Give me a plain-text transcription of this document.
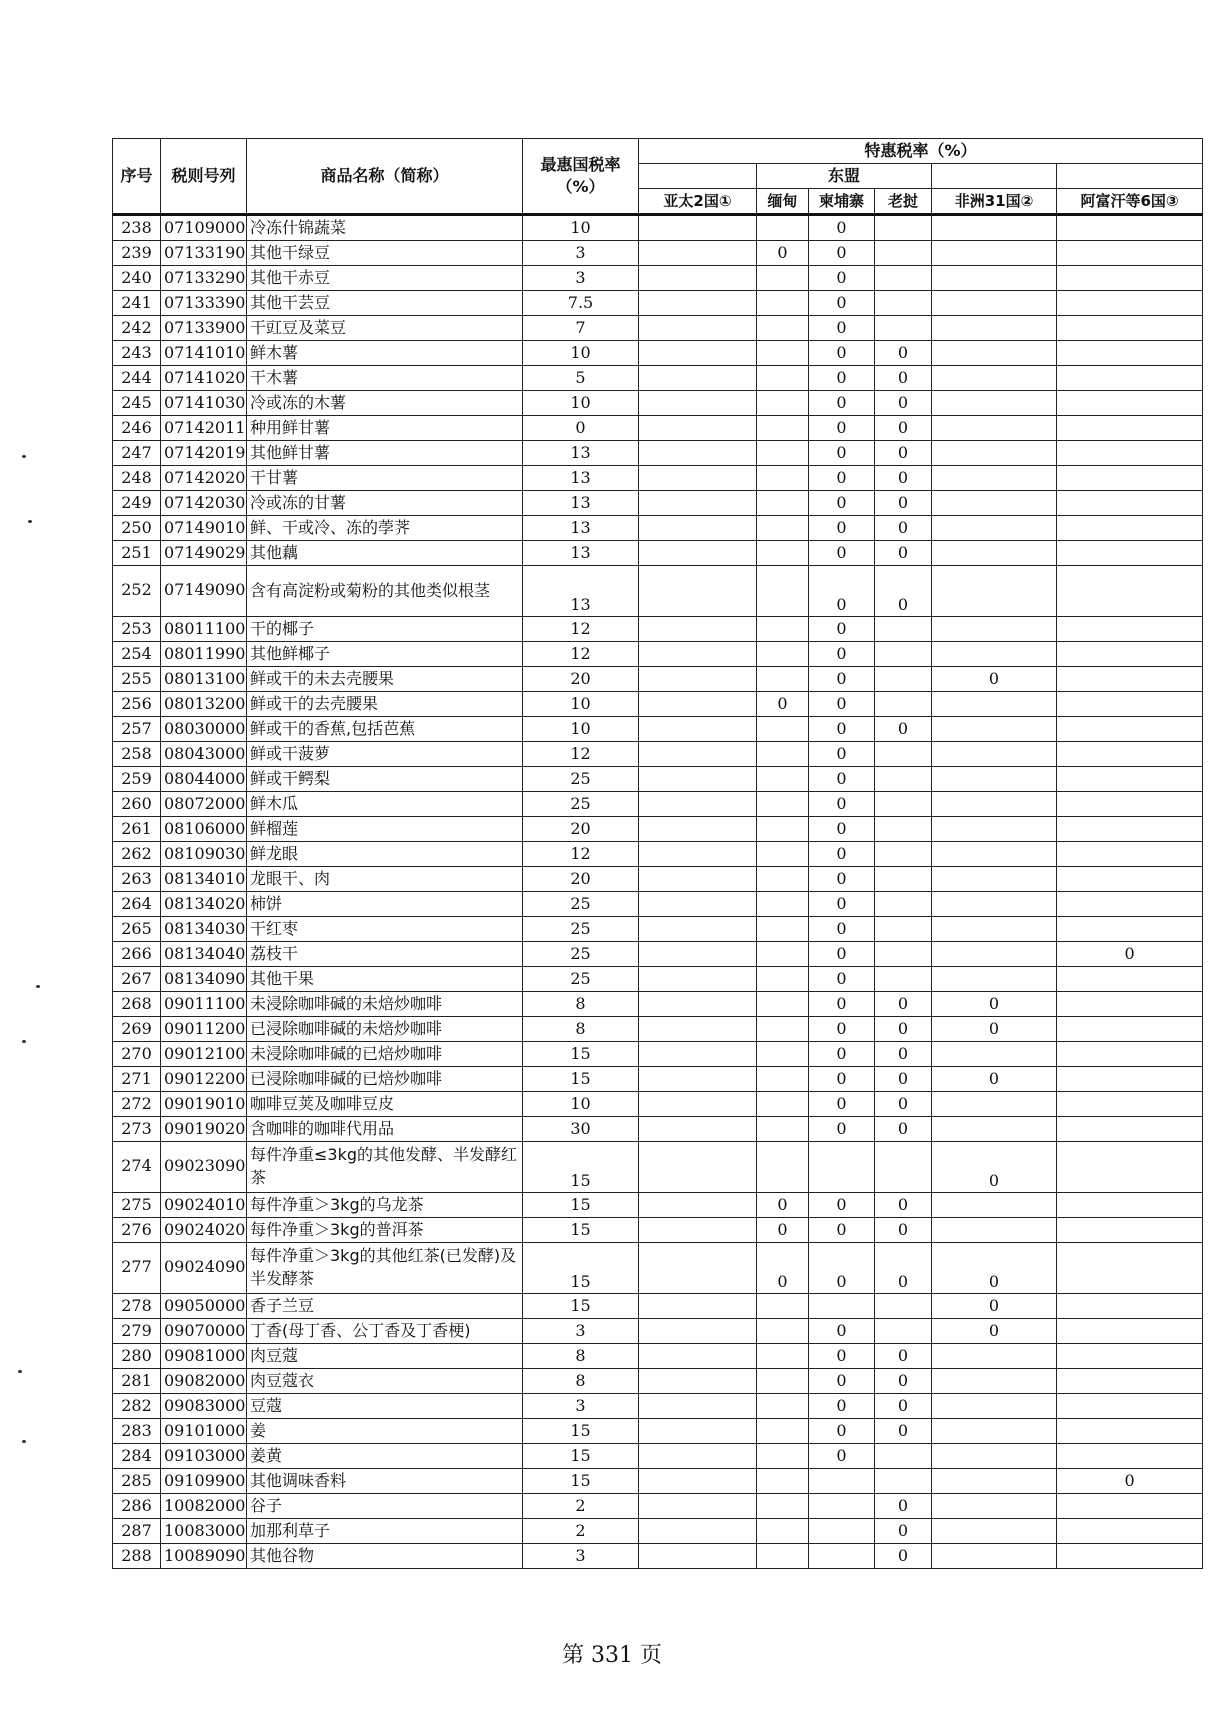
序号	税则号列	商品名称（简称）	最惠国税率（%）	特惠税率（%）					
					东盟				
				亚太2国①	缅甸	柬埔寨	老挝	非洲31国②	阿富汗等6国③
238	07109000	冷冻什锦蔬菜	10			0			
239	07133190	其他干绿豆	3		0	0			
240	07133290	其他干赤豆	3			0			
241	07133390	其他干芸豆	7.5			0			
242	07133900	干豇豆及菜豆	7			0			
243	07141010	鲜木薯	10			0	0		
244	07141020	干木薯	5			0	0		
245	07141030	冷或冻的木薯	10			0	0		
246	07142011	种用鲜甘薯	0			0	0		
247	07142019	其他鲜甘薯	13			0	0		
248	07142020	干甘薯	13			0	0		
249	07142030	冷或冻的甘薯	13			0	0		
250	07149010	鲜、干或冷、冻的荸荠	13			0	0		
251	07149029	其他藕	13			0	0		
252	07149090	含有高淀粉或菊粉的其他类似根茎	13			0	0		
253	08011100	干的椰子	12			0			
254	08011990	其他鲜椰子	12			0			
255	08013100	鲜或干的未去壳腰果	20			0		0	
256	08013200	鲜或干的去壳腰果	10		0	0			
257	08030000	鲜或干的香蕉,包括芭蕉	10			0	0		
258	08043000	鲜或干菠萝	12			0			
259	08044000	鲜或干鳄梨	25			0			
260	08072000	鲜木瓜	25			0			
261	08106000	鲜榴莲	20			0			
262	08109030	鲜龙眼	12			0			
263	08134010	龙眼干、肉	20			0			
264	08134020	柿饼	25			0			
265	08134030	干红枣	25			0			
266	08134040	荔枝干	25			0			0
267	08134090	其他干果	25			0			
268	09011100	未浸除咖啡碱的未焙炒咖啡	8			0	0	0	
269	09011200	已浸除咖啡碱的未焙炒咖啡	8			0	0	0	
270	09012100	未浸除咖啡碱的已焙炒咖啡	15			0	0		
271	09012200	已浸除咖啡碱的已焙炒咖啡	15			0	0	0	
272	09019010	咖啡豆荚及咖啡豆皮	10			0	0		
273	09019020	含咖啡的咖啡代用品	30			0	0		
274	09023090	每件净重≤3kg的其他发酵、半发酵红茶	15					0	
275	09024010	每件净重＞3kg的乌龙茶	15		0	0	0		
276	09024020	每件净重＞3kg的普洱茶	15		0	0	0		
277	09024090	每件净重＞3kg的其他红茶(已发酵)及半发酵茶	15		0	0	0	0	
278	09050000	香子兰豆	15					0	
279	09070000	丁香(母丁香、公丁香及丁香梗)	3			0		0	
280	09081000	肉豆蔻	8			0	0		
281	09082000	肉豆蔻衣	8			0	0		
282	09083000	豆蔻	3			0	0		
283	09101000	姜	15			0	0		
284	09103000	姜黄	15			0			
285	09109900	其他调味香料	15						0
286	10082000	谷子	2				0		
287	10083000	加那利草子	2				0		
288	10089090	其他谷物	3				0		
第 331 页
